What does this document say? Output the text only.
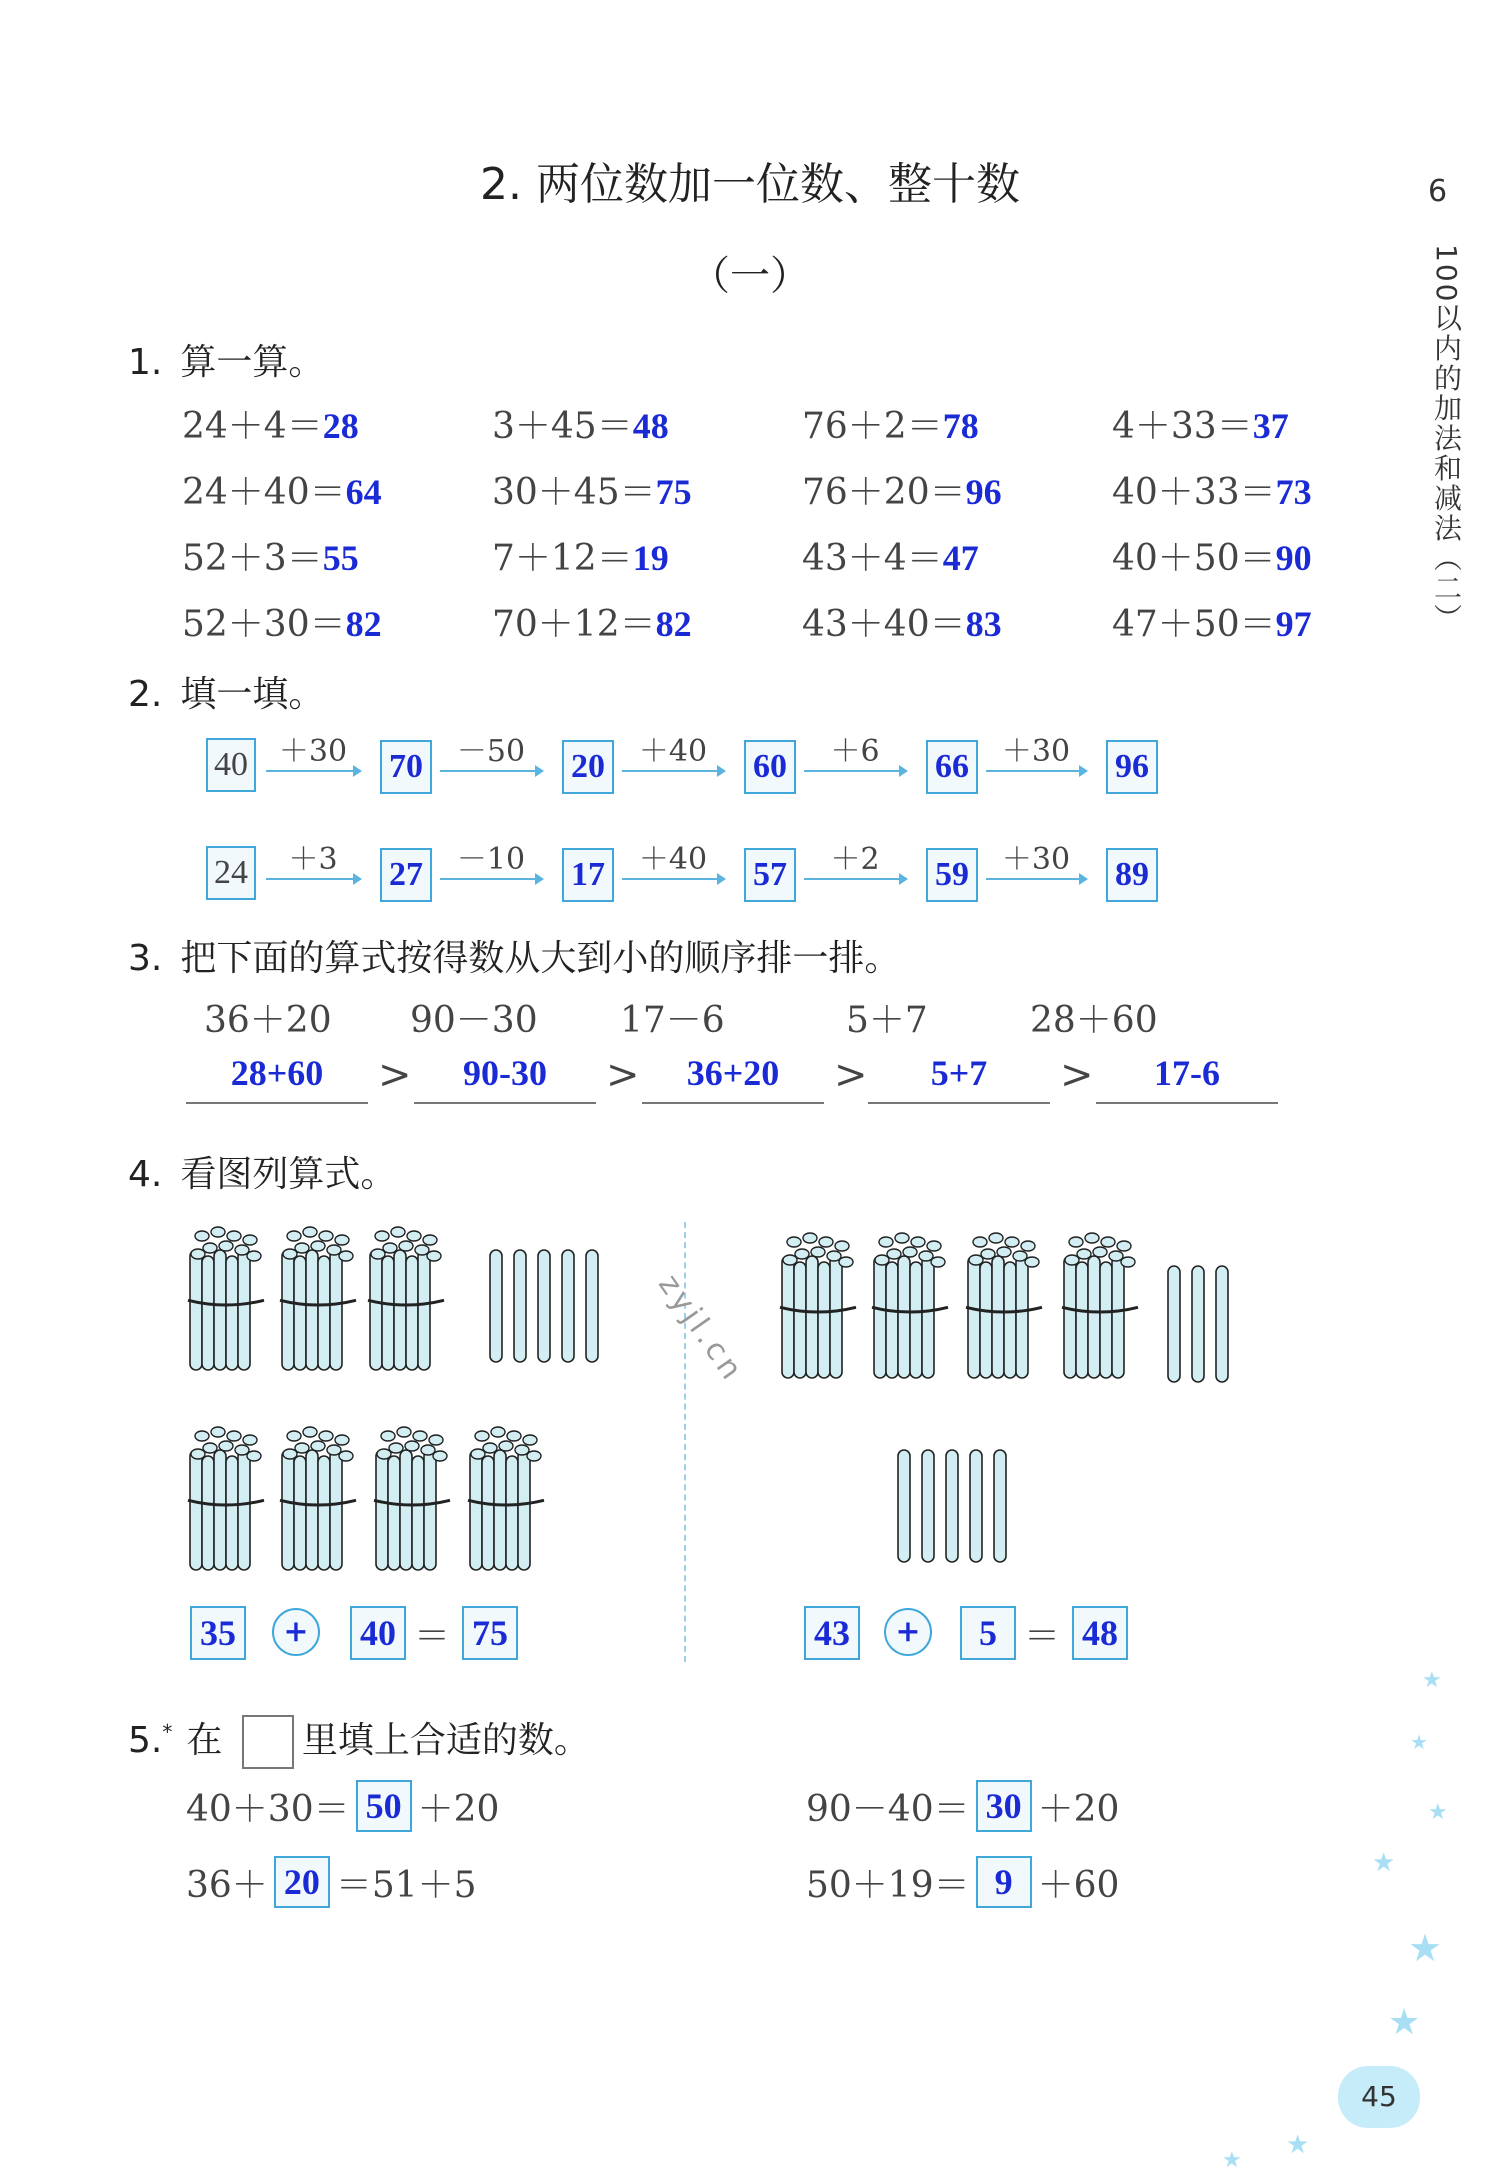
2. 两位数加一位数、整十数
（一）
6
100以内的加法和减法（二）
1. 算一算。
24＋4＝28	3＋45＝48	76＋2＝78	4＋33＝37
24＋40＝64	30＋45＝75	76＋20＝96	40＋33＝73
52＋3＝55	7＋12＝19	43＋4＝47	40＋50＝90
52＋30＝82	70＋12＝82	43＋40＝83	47＋50＝97
2. 填一填。
40	＋30	70	－50	20	＋40	60	＋6	66	＋30	96
24	＋3	27	－10	17	＋40	57	＋2	59	＋30	89
3. 把下面的算式按得数从大到小的顺序排一排。
36＋20 90－30 17－6	5＋7	28＋60
28+60	>	90-30	>	36+20	>	5+7	>	17-6
4. 看图列算式。
zyjl.cn
35	+	40 ＝ 75	43	+	5 ＝ 48
5.* 在 里填上合适的数。
40＋30＝ 50 ＋20	90－40＝ 30 ＋20
36＋ 20 ＝51＋5	50＋19＝ 9 ＋60
★
★
★
★
★
★
★
★
45
